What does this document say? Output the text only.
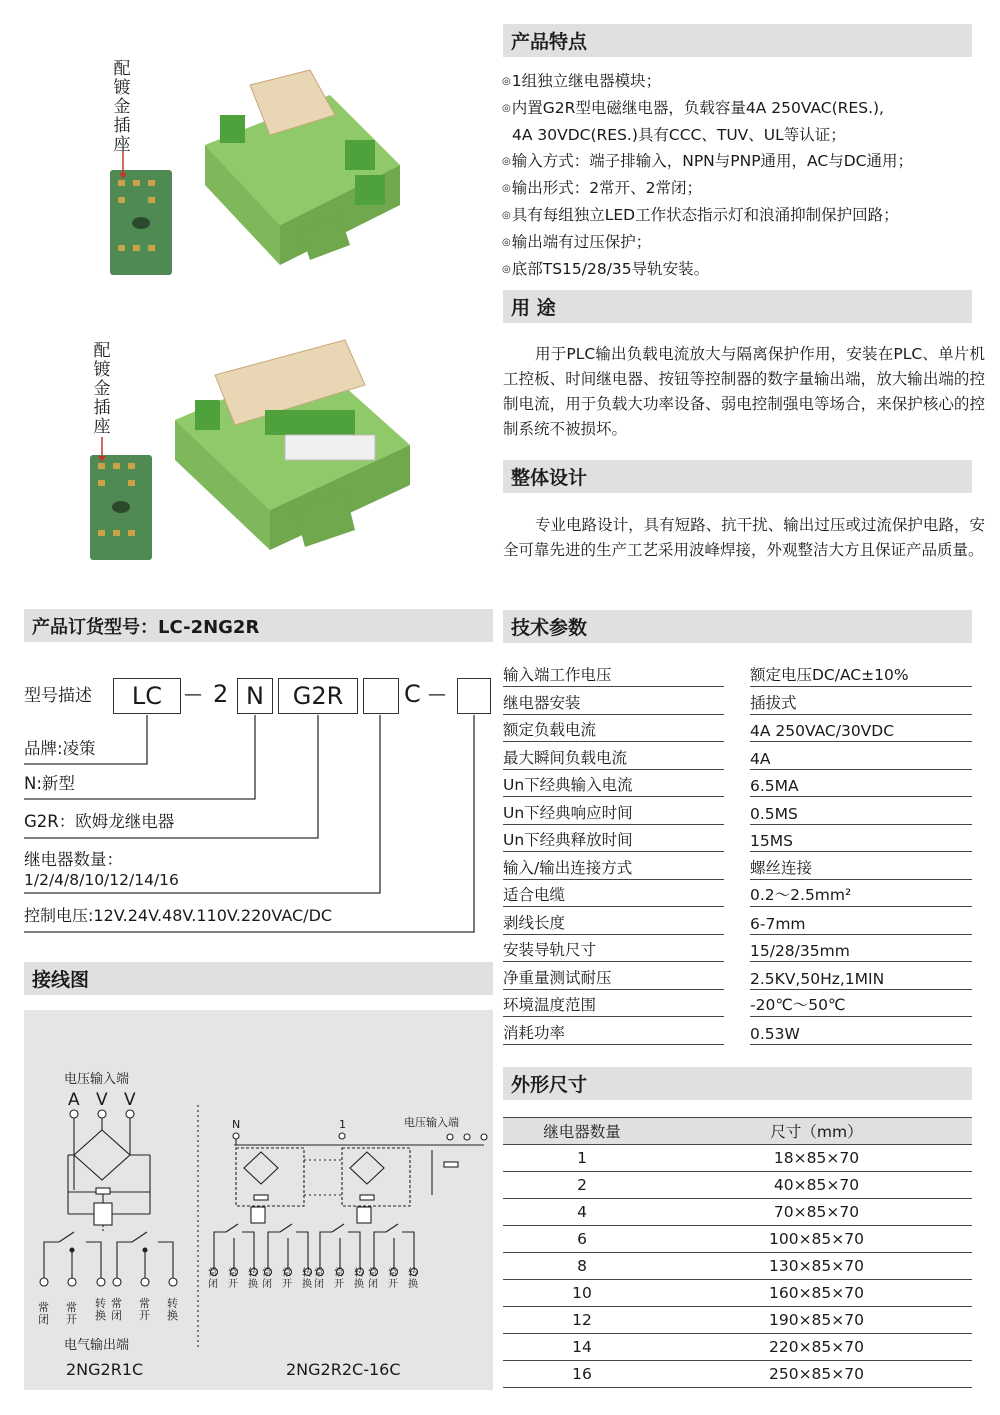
配镀金插座
配镀金插座
产品特点
◎1组独立继电器模块；
◎内置G2R型电磁继电器，负载容量4A 250VAC(RES.),
4A 30VDC(RES.)具有CCC、TUV、UL等认证；
◎输入方式：端子排输入，NPN与PNP通用，AC与DC通用；
◎输出形式：2常开、2常闭；
◎具有每组独立LED工作状态指示灯和浪涌抑制保护回路；
◎输出端有过压保护；
◎底部TS15/28/35导轨安装。
用 途
用于PLC输出负载电流放大与隔离保护作用，安装在PLC、单片机工控板、时间继电器、按钮等控制器的数字量输出端，放大输出端的控制电流，用于负载大功率设备、弱电控制强电等场合，来保护核心的控制系统不被损坏。
整体设计
专业电路设计，具有短路、抗干扰、输出过压或过流保护电路，安全可靠先进的生产工艺采用波峰焊接，外观整洁大方且保证产品质量。
产品订货型号：LC-2NG2R
型号描述	LC	— 2 N	G2R	C —
品牌:凌策
N:新型
G2R：欧姆龙继电器
继电器数量：
1/2/4/8/10/12/14/16
控制电压:12V.24V.48V.110V.220VAC/DC
接线图
电压输入端
A V V
常闭
常开
转换
常闭
常开
转换
电气输出端
N	1	电压输入端
常闭
常开
转换
常闭
常开
转换
常闭
常开
转换
常闭
常开
转换
2NG2R1C	2NG2R2C-16C
技术参数
输入端工作电压	额定电压DC/AC±10%
继电器安装	插拔式
额定负载电流	4A 250VAC/30VDC
最大瞬间负载电流	4A
Un下经典输入电流	6.5MA
Un下经典响应时间	0.5MS
Un下经典释放时间	15MS
输入/输出连接方式	螺丝连接
适合电缆	0.2～2.5mm²
剥线长度	6-7mm
安装导轨尺寸	15/28/35mm
净重量测试耐压	2.5KV,50Hz,1MIN
环境温度范围	-20℃～50℃
消耗功率	0.53W
外形尺寸
继电器数量	尺寸（mm）
1	18×85×70
2	40×85×70
4	70×85×70
6	100×85×70
8	130×85×70
10	160×85×70
12	190×85×70
14	220×85×70
16	250×85×70
